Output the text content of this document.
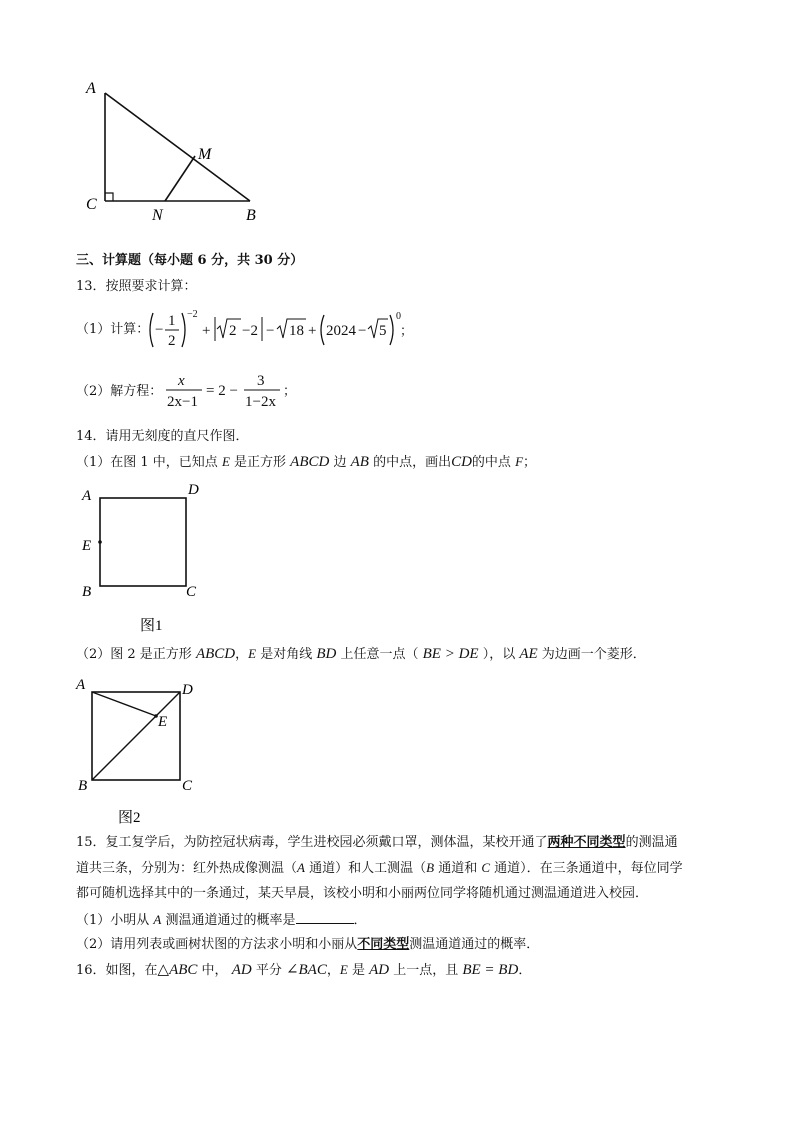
A
M
C
N	B
三、计算题（每小题 6 分，共 30 分）
13．按照要求计算：
（1）计算： −
1
2
−2
+ 2 −2 − 18 + 2024 − 5
0
；
（2）解方程：
x
2x−1
= 2 −
3
1−2x
；
14．请用无刻度的直尺作图．
（1）在图 1 中，已知点 E 是正方形 ABCD 边 AB 的中点，画出CD的中点 F；
A	D
E
B	C
图1
（2）图 2 是正方形 ABCD，E 是对角线 BD 上任意一点（ BE > DE ），以 AE 为边画一个菱形．
A	D
E
B	C
图2
15．复工复学后，为防控冠状病毒，学生进校园必须戴口罩，测体温，某校开通了两种不同类型的测温通
道共三条，分别为：红外热成像测温（A 通道）和人工测温（B 通道和 C 通道）．在三条通道中，每位同学
都可随机选择其中的一条通过，某天早晨，该校小明和小丽两位同学将随机通过测温通道进入校园．
（1）小明从 A 测温通道通过的概率是	．
（2）请用列表或画树状图的方法求小明和小丽从不同类型测温通道通过的概率．
16．如图，在△ABC 中， AD 平分 ∠BAC，E 是 AD 上一点，且 BE = BD．
